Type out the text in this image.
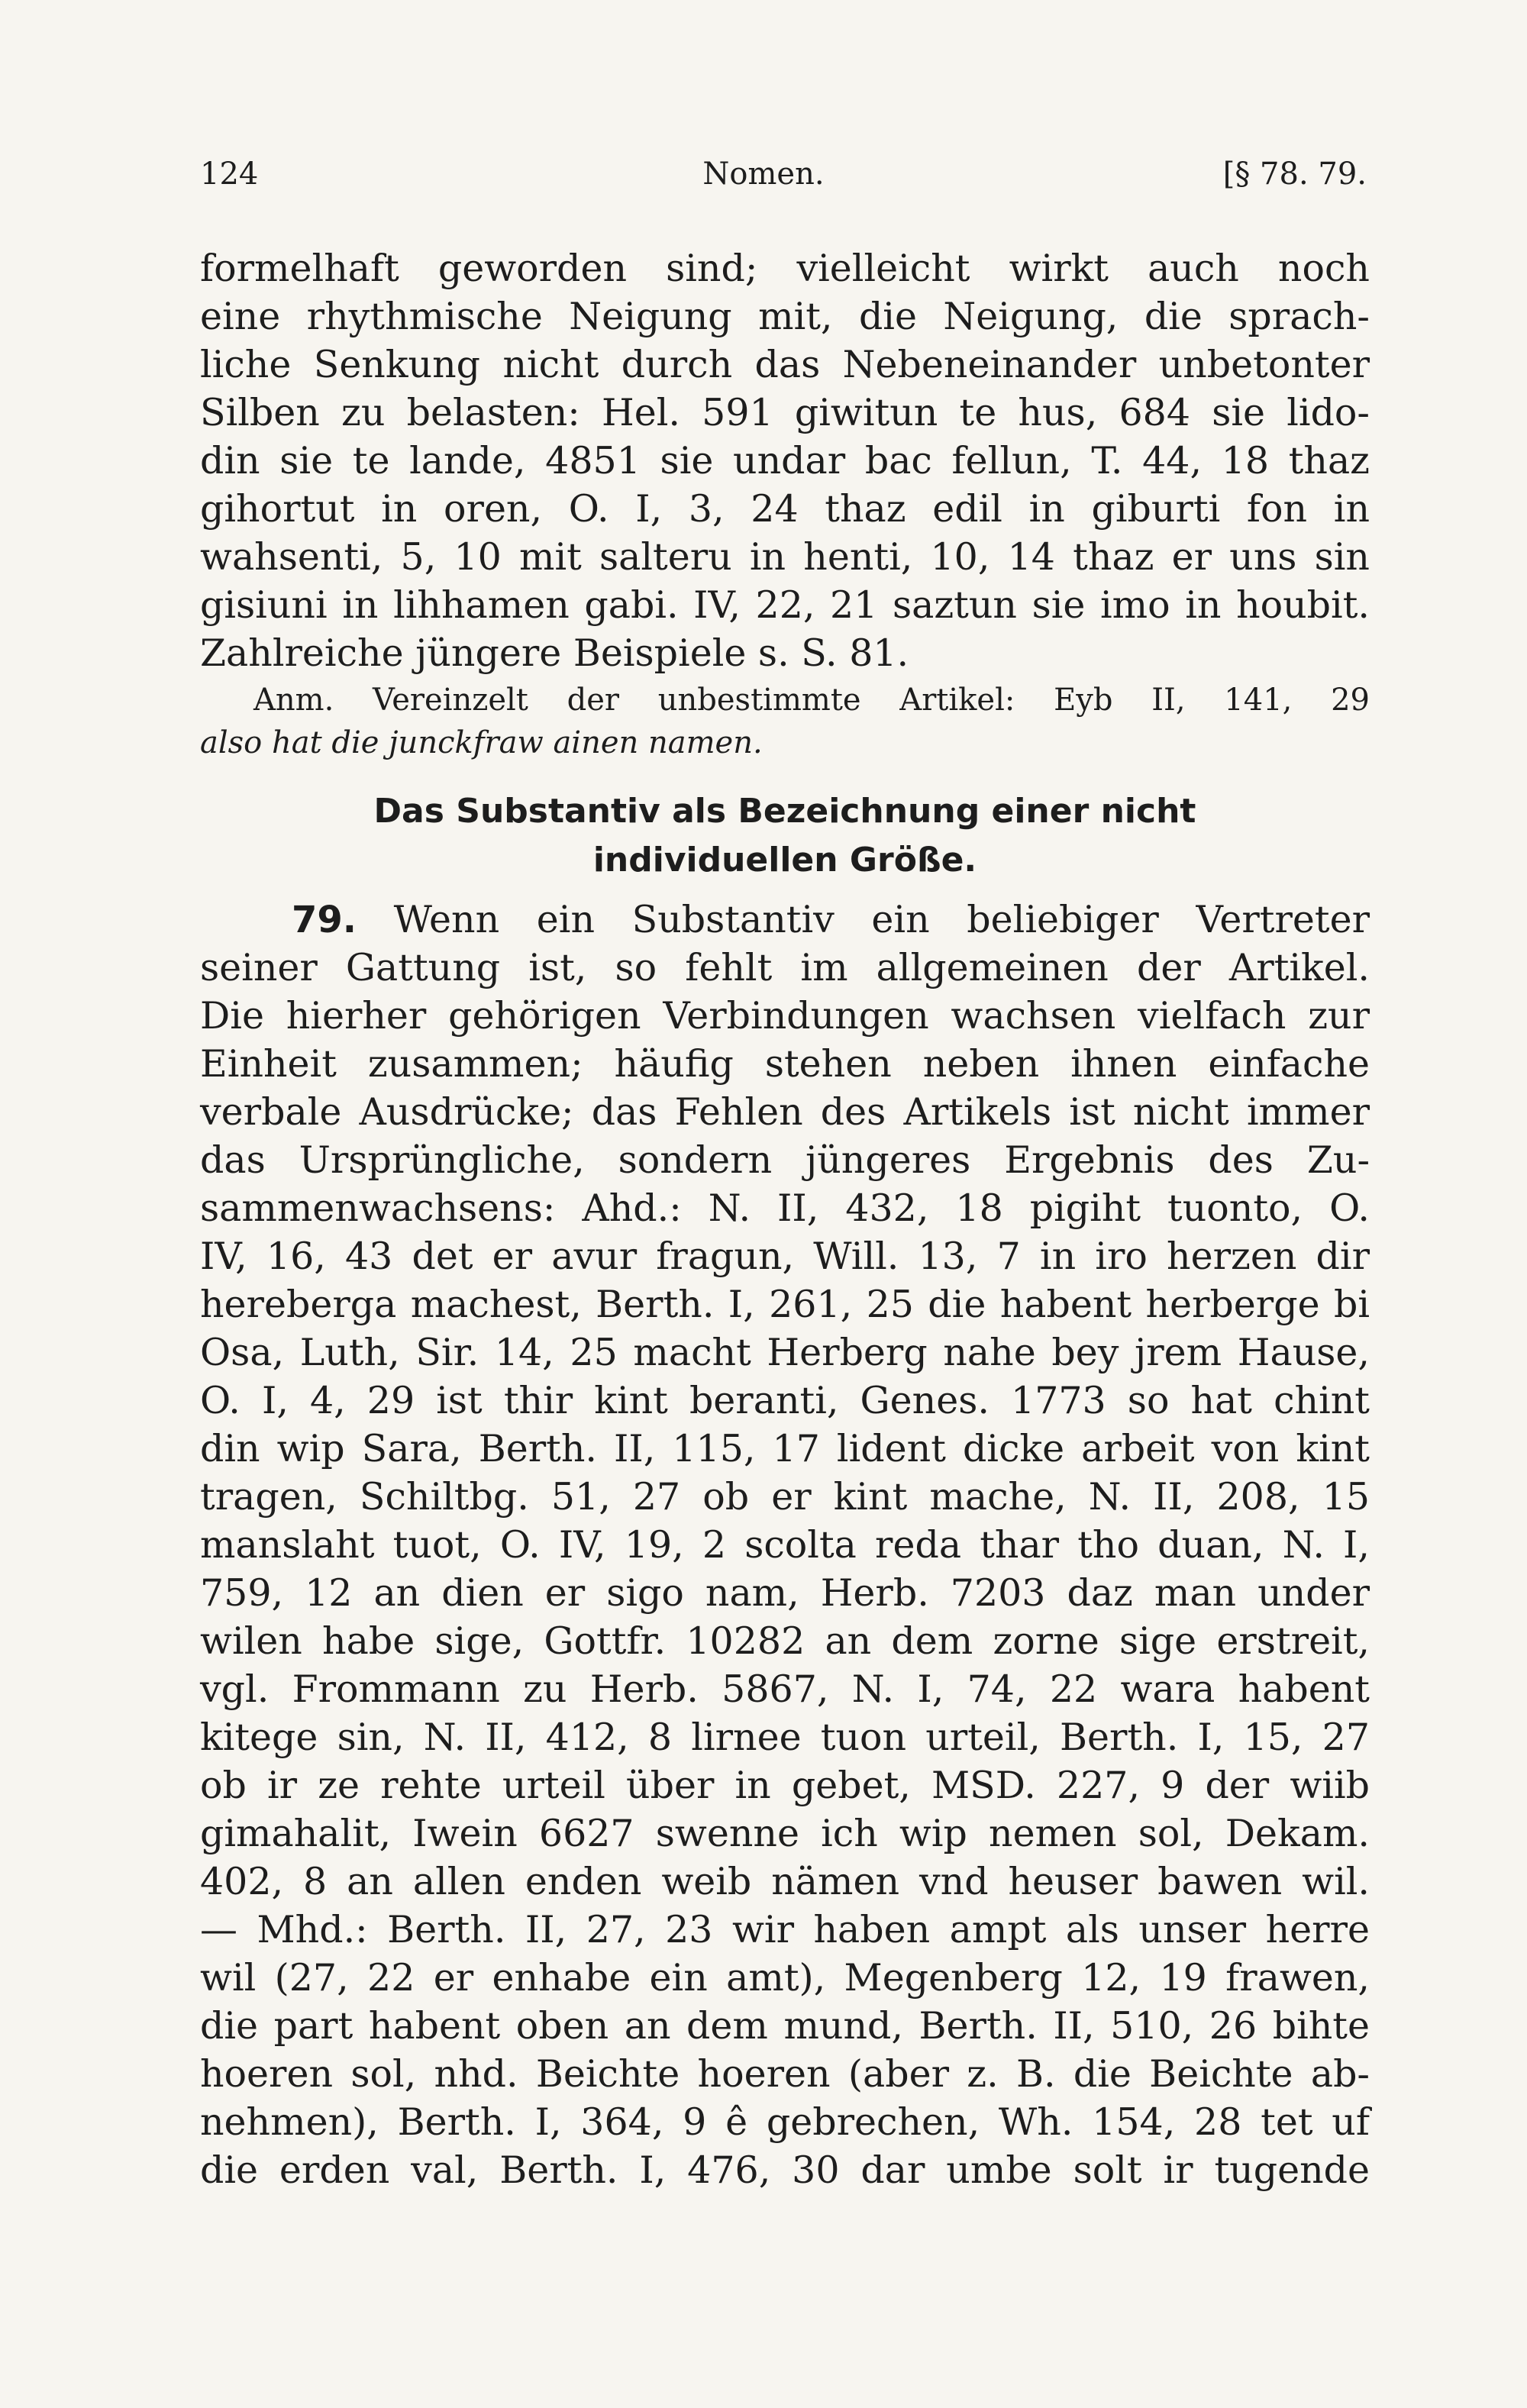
124	Nomen.	[§ 78. 79.
formelhaft geworden sind; vielleicht wirkt auch noch
eine rhythmische Neigung mit, die Neigung, die sprach-
liche Senkung nicht durch das Nebeneinander unbetonter
Silben zu belasten: Hel. 591 giwitun te hus, 684 sie lido-
din sie te lande, 4851 sie undar bac fellun, T. 44, 18 thaz
gihortut in oren, O. I, 3, 24 thaz edil in giburti fon in
wahsenti, 5, 10 mit salteru in henti, 10, 14 thaz er uns sin
gisiuni in lihhamen gabi. IV, 22, 21 saztun sie imo in houbit.
Zahlreiche jüngere Beispiele s. S. 81.
Anm. Vereinzelt der unbestimmte Artikel: Eyb II, 141, 29
also hat die junckfraw ainen namen.
Das Substantiv als Bezeichnung einer nicht
individuellen Größe.
79. Wenn ein Substantiv ein beliebiger Vertreter
seiner Gattung ist, so fehlt im allgemeinen der Artikel.
Die hierher gehörigen Verbindungen wachsen vielfach zur
Einheit zusammen; häufig stehen neben ihnen einfache
verbale Ausdrücke; das Fehlen des Artikels ist nicht immer
das Ursprüngliche, sondern jüngeres Ergebnis des Zu-
sammenwachsens: Ahd.: N. II, 432, 18 pigiht tuonto, O.
IV, 16, 43 det er avur fragun, Will. 13, 7 in iro herzen dir
hereberga machest, Berth. I, 261, 25 die habent herberge bi
Osa, Luth, Sir. 14, 25 macht Herberg nahe bey jrem Hause,
O. I, 4, 29 ist thir kint beranti, Genes. 1773 so hat chint
din wip Sara, Berth. II, 115, 17 lident dicke arbeit von kint
tragen, Schiltbg. 51, 27 ob er kint mache, N. II, 208, 15
manslaht tuot, O. IV, 19, 2 scolta reda thar tho duan, N. I,
759, 12 an dien er sigo nam, Herb. 7203 daz man under
wilen habe sige, Gottfr. 10282 an dem zorne sige erstreit,
vgl. Frommann zu Herb. 5867, N. I, 74, 22 wara habent
kitege sin, N. II, 412, 8 lirnee tuon urteil, Berth. I, 15, 27
ob ir ze rehte urteil über in gebet, MSD. 227, 9 der wiib
gimahalit, Iwein 6627 swenne ich wip nemen sol, Dekam.
402, 8 an allen enden weib nämen vnd heuser bawen wil.
— Mhd.: Berth. II, 27, 23 wir haben ampt als unser herre
wil (27, 22 er enhabe ein amt), Megenberg 12, 19 frawen,
die part habent oben an dem mund, Berth. II, 510, 26 bihte
hoeren sol, nhd. Beichte hoeren (aber z. B. die Beichte ab-
nehmen), Berth. I, 364, 9 ê gebrechen, Wh. 154, 28 tet uf
die erden val, Berth. I, 476, 30 dar umbe solt ir tugende
